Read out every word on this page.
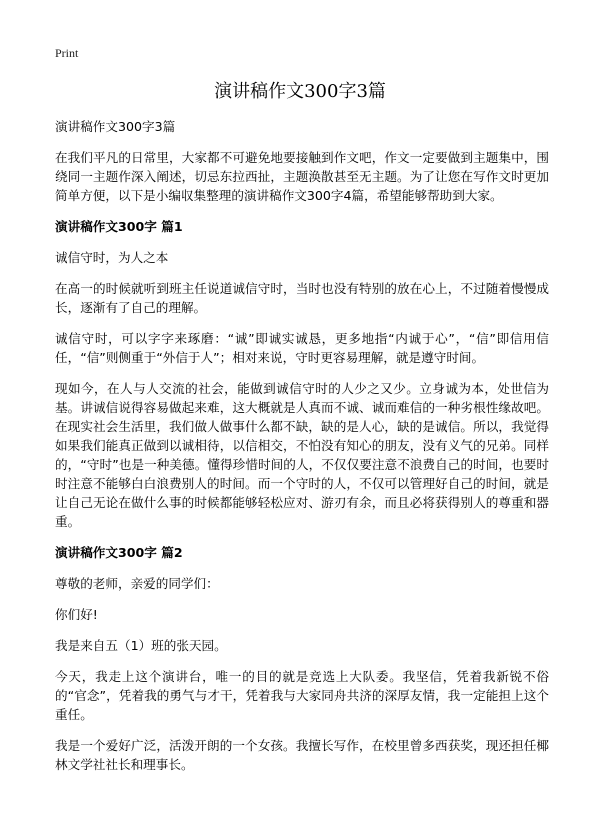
Print
演讲稿作文300字3篇

演讲稿作文300字3篇

在我们平凡的日常里，大家都不可避免地要接触到作文吧，作文一定要做到主题集中，围绕同一主题作深入阐述，切忌东拉西扯，主题涣散甚至无主题。为了让您在写作文时更加简单方便，以下是小编収集整理的演讲稿作文300字4篇，希望能够帮助到大家。

演讲稿作文300字 篇1

诚信守时，为人之本

在高一的时候就听到班主任说道诚信守时，当时也没有特别的放在心上，不过随着慢慢成长，逐渐有了自己的理解。

诚信守时，可以字字来琢磨：“诚”即诚实诚恳，更多地指“内诚于心”，“信”即信用信任，“信”则侧重于“外信于人”；相对来说，守时更容易理解，就是遵守时间。

现如今，在人与人交流的社会，能做到诚信守时的人少之又少。立身诚为本，处世信为基。讲诚信说得容易做起来难，这大概就是人真而不诚、诚而难信的一种劣根性缘故吧。在现实社会生活里，我们做人做事什么都不缺，缺的是人心，缺的是诚信。所以，我觉得如果我们能真正做到以诚相待，以信相交，不怕没有知心的朋友，没有义气的兄弟。同样的，“守时”也是一种美德。懂得珍惜时间的人，不仅仅要注意不浪费自己的时间，也要时时注意不能够白白浪费别人的时间。而一个守时的人，不仅可以管理好自己的时间，就是让自己无论在做什么事的时候都能够轻松应对、游刃有余，而且必将获得别人的尊重和器重。

演讲稿作文300字 篇2

尊敬的老师，亲爱的同学们：

你们好!

我是来自五（1）班的张天园。

今天，我走上这个演讲台，唯一的目的就是竞选上大队委。我坚信，凭着我新锐不俗的“官念”，凭着我的勇气与才干，凭着我与大家同舟共济的深厚友情，我一定能担上这个重任。

我是一个爱好广泛，活泼开朗的一个女孩。我擅长写作，在校里曾多西获奖，现还担任椰林文学社社长和理事长。
